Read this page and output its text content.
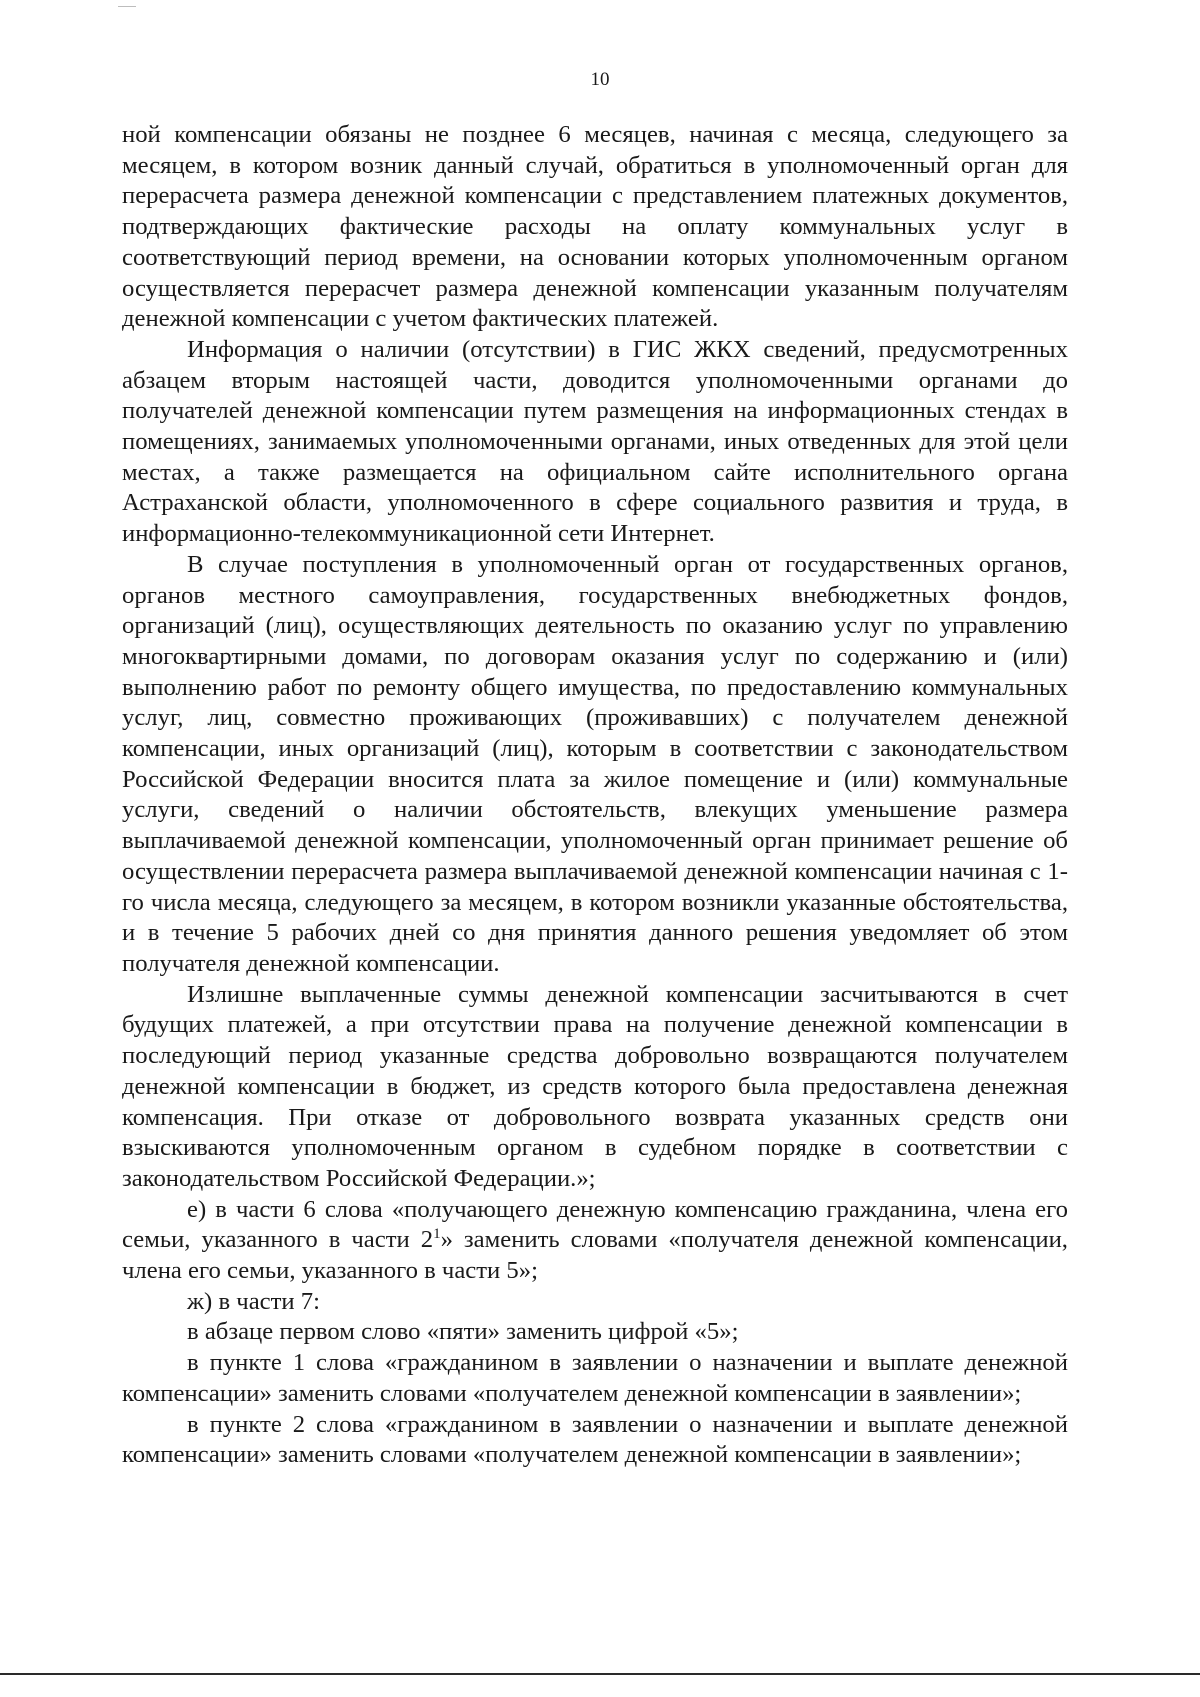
10

ной компенсации обязаны не позднее 6 месяцев, начиная с месяца, следующего за месяцем, в котором возник данный случай, обратиться в уполномоченный орган для перерасчета размера денежной компенсации с представлением платежных документов, подтверждающих фактические расходы на оплату коммунальных услуг в соответствующий период времени, на основании которых уполномоченным органом осуществляется перерасчет размера денежной компенсации указанным получателям денежной компенсации с учетом фактических платежей.

Информация о наличии (отсутствии) в ГИС ЖКХ сведений, предусмотренных абзацем вторым настоящей части, доводится уполномоченными органами до получателей денежной компенсации путем размещения на информационных стендах в помещениях, занимаемых уполномоченными органами, иных отведенных для этой цели местах, а также размещается на официальном сайте исполнительного органа Астраханской области, уполномоченного в сфере социального развития и труда, в информационно-телекоммуникационной сети Интернет.

В случае поступления в уполномоченный орган от государственных органов, органов местного самоуправления, государственных внебюджетных фондов, организаций (лиц), осуществляющих деятельность по оказанию услуг по управлению многоквартирными домами, по договорам оказания услуг по содержанию и (или) выполнению работ по ремонту общего имущества, по предоставлению коммунальных услуг, лиц, совместно проживающих (проживавших) с получателем денежной компенсации, иных организаций (лиц), которым в соответствии с законодательством Российской Федерации вносится плата за жилое помещение и (или) коммунальные услуги, сведений о наличии обстоятельств, влекущих уменьшение размера выплачиваемой денежной компенсации, уполномоченный орган принимает решение об осуществлении перерасчета размера выплачиваемой денежной компенсации начиная с 1-го числа месяца, следующего за месяцем, в котором возникли указанные обстоятельства, и в течение 5 рабочих дней со дня принятия данного решения уведомляет об этом получателя денежной компенсации.

Излишне выплаченные суммы денежной компенсации засчитываются в счет будущих платежей, а при отсутствии права на получение денежной компенсации в последующий период указанные средства добровольно возвращаются получателем денежной компенсации в бюджет, из средств которого была предоставлена денежная компенсация. При отказе от добровольного возврата указанных средств они взыскиваются уполномоченным органом в судебном порядке в соответствии с законодательством Российской Федерации.»;

е) в части 6 слова «получающего денежную компенсацию гражданина, члена его семьи, указанного в части $2^1$» заменить словами «получателя денежной компенсации, члена его семьи, указанного в части 5»;

ж) в части 7:

в абзаце первом слово «пяти» заменить цифрой «5»;

в пункте 1 слова «гражданином в заявлении о назначении и выплате денежной компенсации» заменить словами «получателем денежной компенсации в заявлении»;

в пункте 2 слова «гражданином в заявлении о назначении и выплате денежной компенсации» заменить словами «получателем денежной компенсации в заявлении»;
